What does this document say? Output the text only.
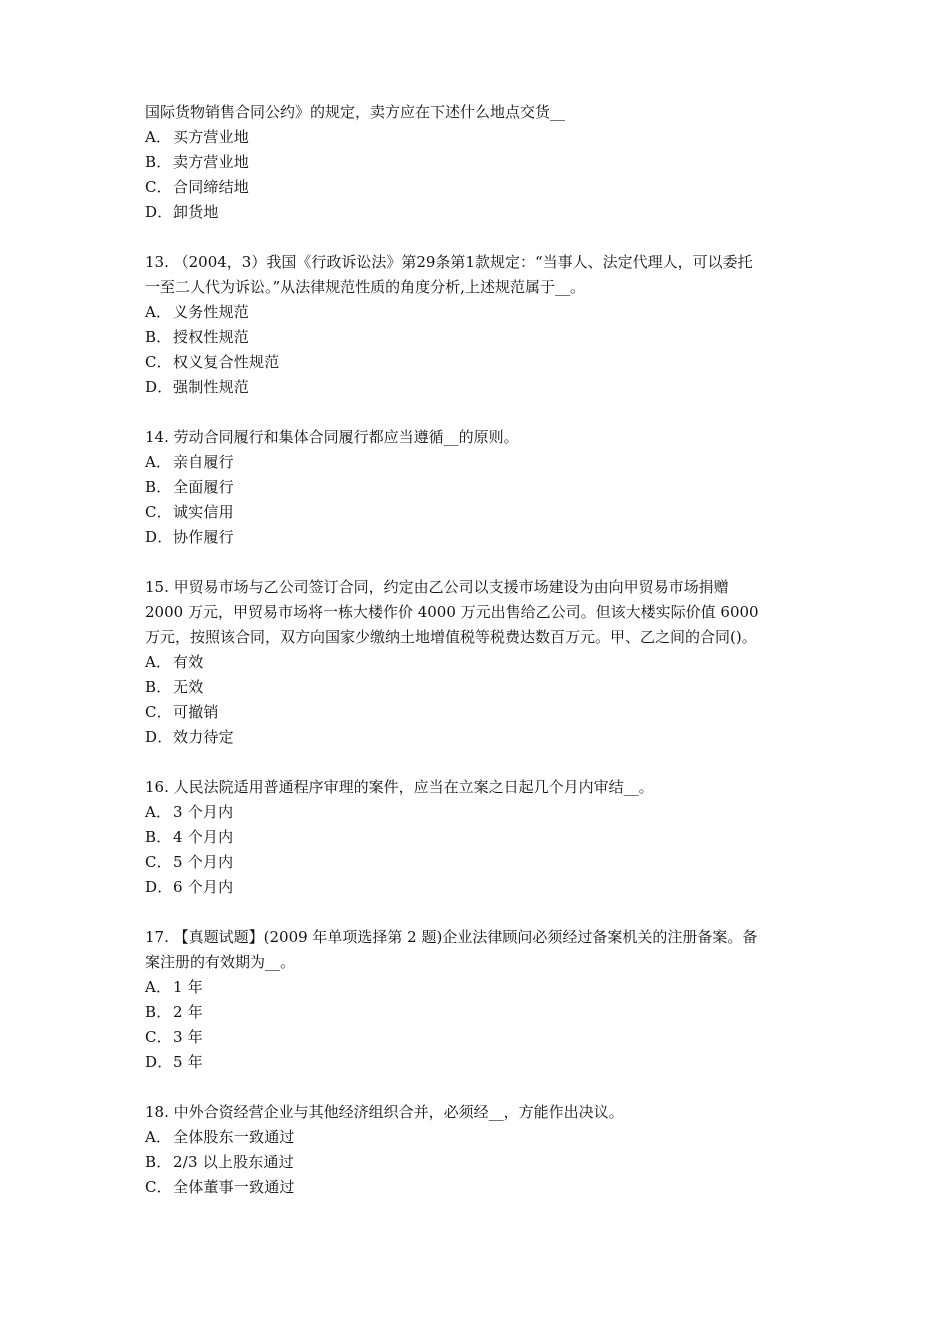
国际货物销售合同公约》的规定，卖方应在下述什么地点交货__
A． 买方营业地
B． 卖方营业地
C． 合同缔结地
D． 卸货地
13. （2004，3）我国《行政诉讼法》第29条第1款规定：“当事人、法定代理人，可以委托
一至二人代为诉讼。”从法律规范性质的角度分析,上述规范属于__。
A． 义务性规范
B． 授权性规范
C． 权义复合性规范
D． 强制性规范
14. 劳动合同履行和集体合同履行都应当遵循__的原则。
A． 亲自履行
B． 全面履行
C． 诚实信用
D． 协作履行
15. 甲贸易市场与乙公司签订合同，约定由乙公司以支援市场建设为由向甲贸易市场捐赠
2000 万元，甲贸易市场将一栋大楼作价 4000 万元出售给乙公司。但该大楼实际价值 6000
万元，按照该合同，双方向国家少缴纳土地增值税等税费达数百万元。甲、乙之间的合同()。
A． 有效
B． 无效
C． 可撤销
D． 效力待定
16. 人民法院适用普通程序审理的案件，应当在立案之日起几个月内审结__。
A． 3 个月内
B． 4 个月内
C． 5 个月内
D． 6 个月内
17. 【真题试题】(2009 年单项选择第 2 题)企业法律顾问必须经过备案机关的注册备案。备
案注册的有效期为__。
A． 1 年
B． 2 年
C． 3 年
D． 5 年
18. 中外合资经营企业与其他经济组织合并，必须经__，方能作出决议。
A． 全体股东一致通过
B． 2/3 以上股东通过
C． 全体董事一致通过
